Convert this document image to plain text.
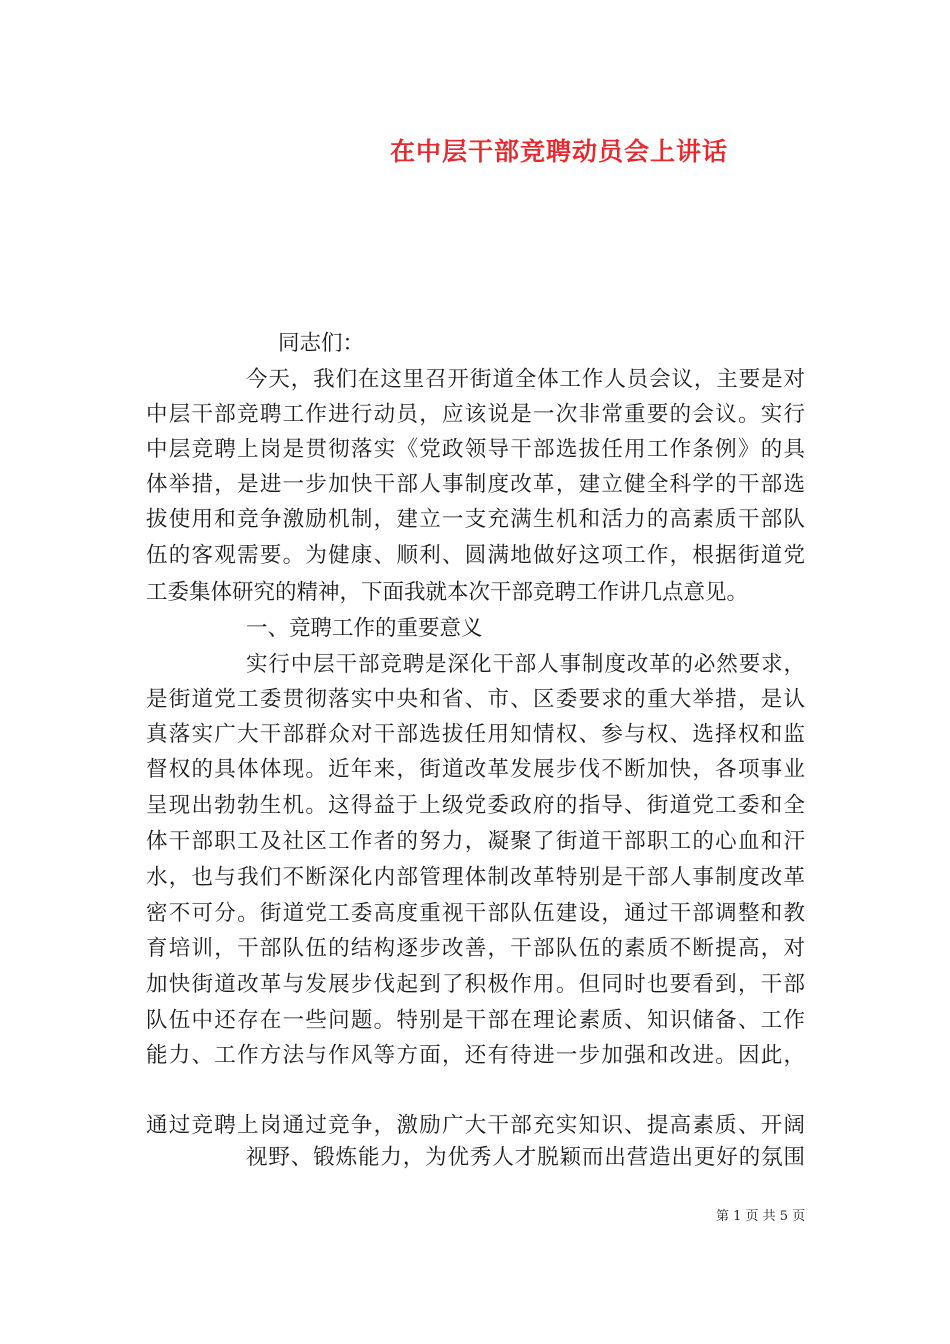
在中层干部竞聘动员会上讲话
同志们：
今天，我们在这里召开街道全体工作人员会议，主要是对
中层干部竞聘工作进行动员，应该说是一次非常重要的会议。实行
中层竞聘上岗是贯彻落实《党政领导干部选拔任用工作条例》的具
体举措，是进一步加快干部人事制度改革，建立健全科学的干部选
拔使用和竞争激励机制，建立一支充满生机和活力的高素质干部队
伍的客观需要。为健康、顺利、圆满地做好这项工作，根据街道党
工委集体研究的精神，下面我就本次干部竞聘工作讲几点意见。
一、竞聘工作的重要意义
实行中层干部竞聘是深化干部人事制度改革的必然要求，
是街道党工委贯彻落实中央和省、市、区委要求的重大举措，是认
真落实广大干部群众对干部选拔任用知情权、参与权、选择权和监
督权的具体体现。近年来，街道改革发展步伐不断加快，各项事业
呈现出勃勃生机。这得益于上级党委政府的指导、街道党工委和全
体干部职工及社区工作者的努力，凝聚了街道干部职工的心血和汗
水，也与我们不断深化内部管理体制改革特别是干部人事制度改革
密不可分。街道党工委高度重视干部队伍建设，通过干部调整和教
育培训，干部队伍的结构逐步改善，干部队伍的素质不断提高，对
加快街道改革与发展步伐起到了积极作用。但同时也要看到，干部
队伍中还存在一些问题。特别是干部在理论素质、知识储备、工作
能力、工作方法与作风等方面，还有待进一步加强和改进。因此，
通过竞聘上岗通过竞争，激励广大干部充实知识、提高素质、开阔
视野、锻炼能力，为优秀人才脱颖而出营造出更好的氛围
第 1 页 共 5 页
